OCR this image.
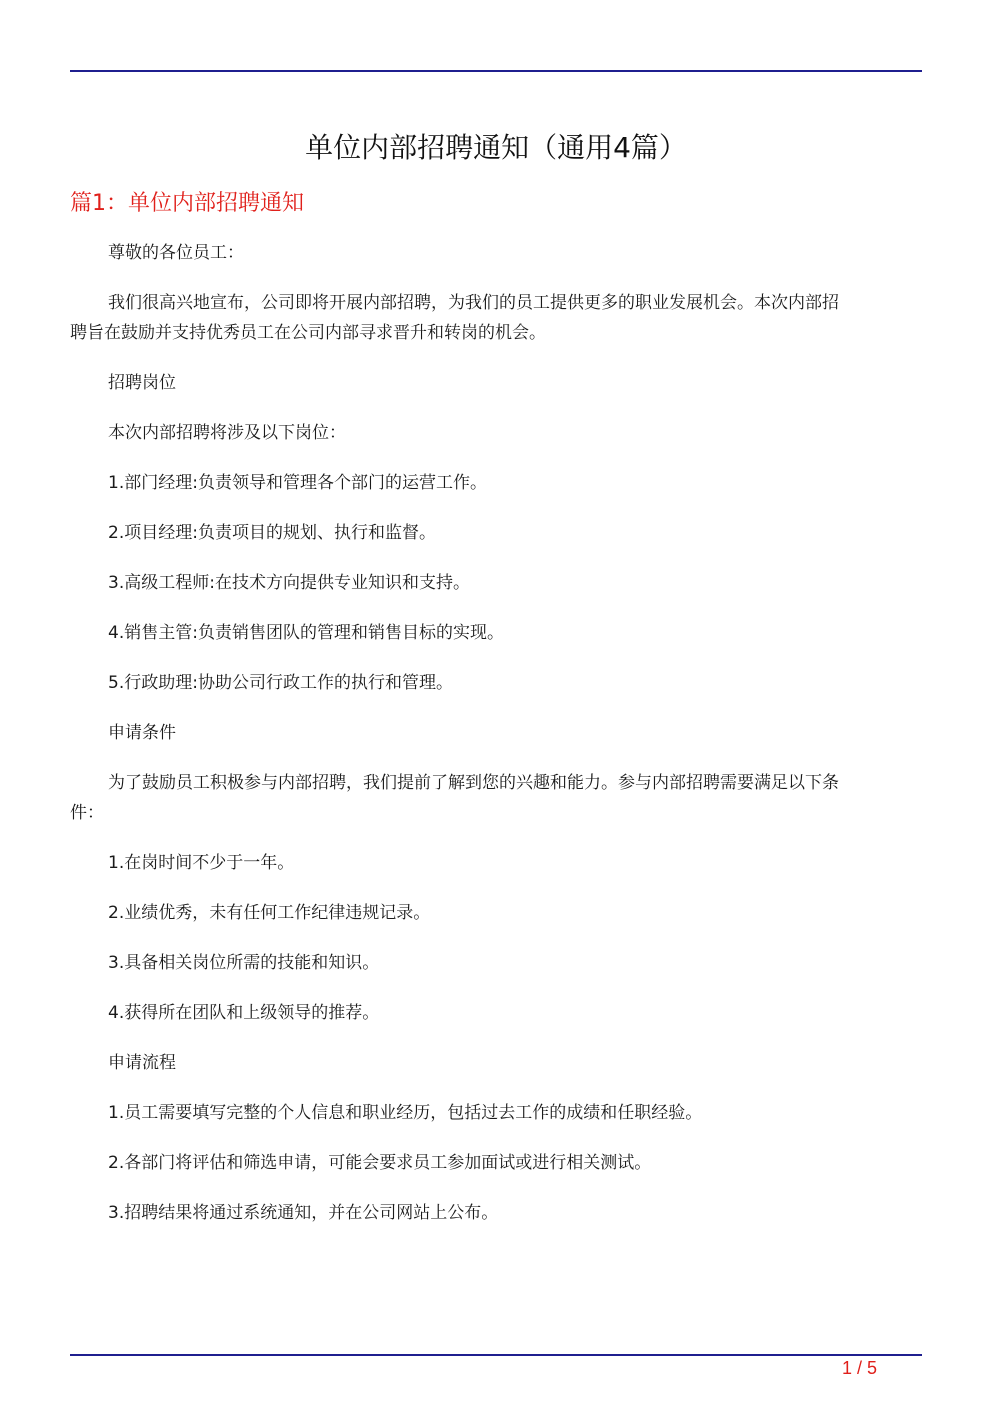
单位内部招聘通知（通用4篇）
篇1：单位内部招聘通知

尊敬的各位员工：

我们很高兴地宣布，公司即将开展内部招聘，为我们的员工提供更多的职业发展机会。本次内部招聘旨在鼓励并支持优秀员工在公司内部寻求晋升和转岗的机会。

招聘岗位

本次内部招聘将涉及以下岗位：

1.部门经理:负责领导和管理各个部门的运营工作。

2.项目经理:负责项目的规划、执行和监督。

3.高级工程师:在技术方向提供专业知识和支持。

4.销售主管:负责销售团队的管理和销售目标的实现。

5.行政助理:协助公司行政工作的执行和管理。

申请条件

为了鼓励员工积极参与内部招聘，我们提前了解到您的兴趣和能力。参与内部招聘需要满足以下条件：

1.在岗时间不少于一年。

2.业绩优秀，未有任何工作纪律违规记录。

3.具备相关岗位所需的技能和知识。

4.获得所在团队和上级领导的推荐。

申请流程

1.员工需要填写完整的个人信息和职业经历，包括过去工作的成绩和任职经验。

2.各部门将评估和筛选申请，可能会要求员工参加面试或进行相关测试。

3.招聘结果将通过系统通知，并在公司网站上公布。

1 / 5
